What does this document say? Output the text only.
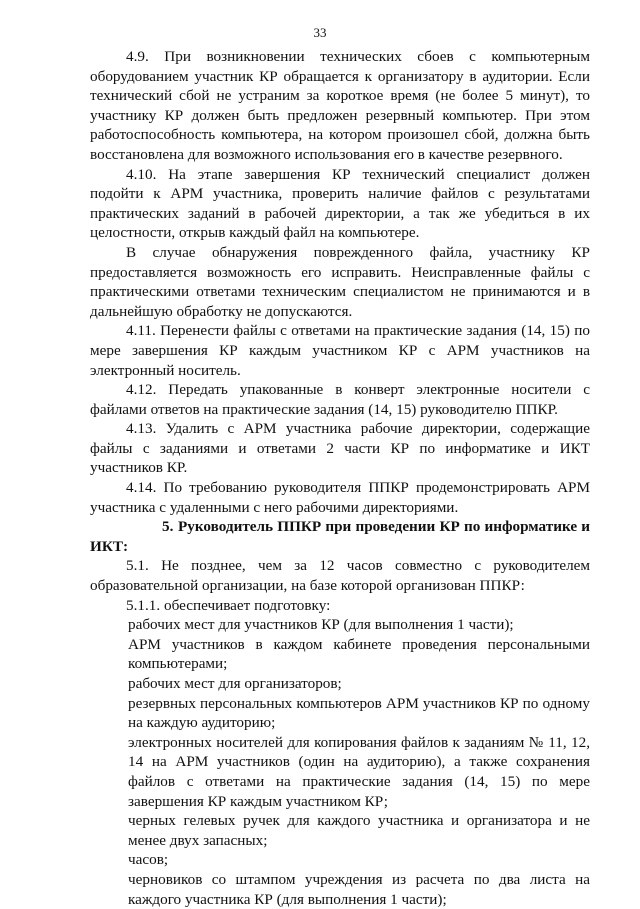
33

4.9. При возникновении технических сбоев с компьютерным оборудованием участник КР обращается к организатору в аудитории. Если технический сбой не устраним за короткое время (не более 5 минут), то участнику КР должен быть предложен резервный компьютер. При этом работоспособность компьютера, на котором произошел сбой, должна быть восстановлена для возможного использования его в качестве резервного.

4.10. На этапе завершения КР технический специалист должен подойти к АРМ участника, проверить наличие файлов с результатами практических заданий в рабочей директории, а так же убедиться в их целостности, открыв каждый файл на компьютере.

В случае обнаружения поврежденного файла, участнику КР предоставляется возможность его исправить. Неисправленные файлы с практическими ответами техническим специалистом не принимаются и в дальнейшую обработку не допускаются.

4.11. Перенести файлы с ответами на практические задания (14, 15) по мере завершения КР каждым участником КР с АРМ участников на электронный носитель.

4.12. Передать упакованные в конверт электронные носители с файлами ответов на практические задания (14, 15) руководителю ППКР.

4.13. Удалить с АРМ участника рабочие директории, содержащие файлы с заданиями и ответами 2 части КР по информатике и ИКТ участников КР.

4.14. По требованию руководителя ППКР продемонстрировать АРМ участника с удаленными с него рабочими директориями.

5. Руководитель ППКР при проведении КР по информатике и ИКТ:

5.1. Не позднее, чем за 12 часов совместно с руководителем образовательной организации, на базе которой организован ППКР:

5.1.1. обеспечивает подготовку:

рабочих мест для участников КР (для выполнения 1 части);

АРМ участников в каждом кабинете проведения персональными компьютерами;

рабочих мест для организаторов;

резервных персональных компьютеров АРМ участников КР по одному на каждую аудиторию;

электронных носителей для копирования файлов к заданиям № 11, 12, 14 на АРМ участников (один на аудиторию), а также сохранения файлов с ответами на практические задания (14, 15) по мере завершения КР каждым участником КР;

черных гелевых ручек для каждого участника и организатора и не менее двух запасных;

часов;

черновиков со штампом учреждения из расчета по два листа на каждого участника КР (для выполнения 1 части);
